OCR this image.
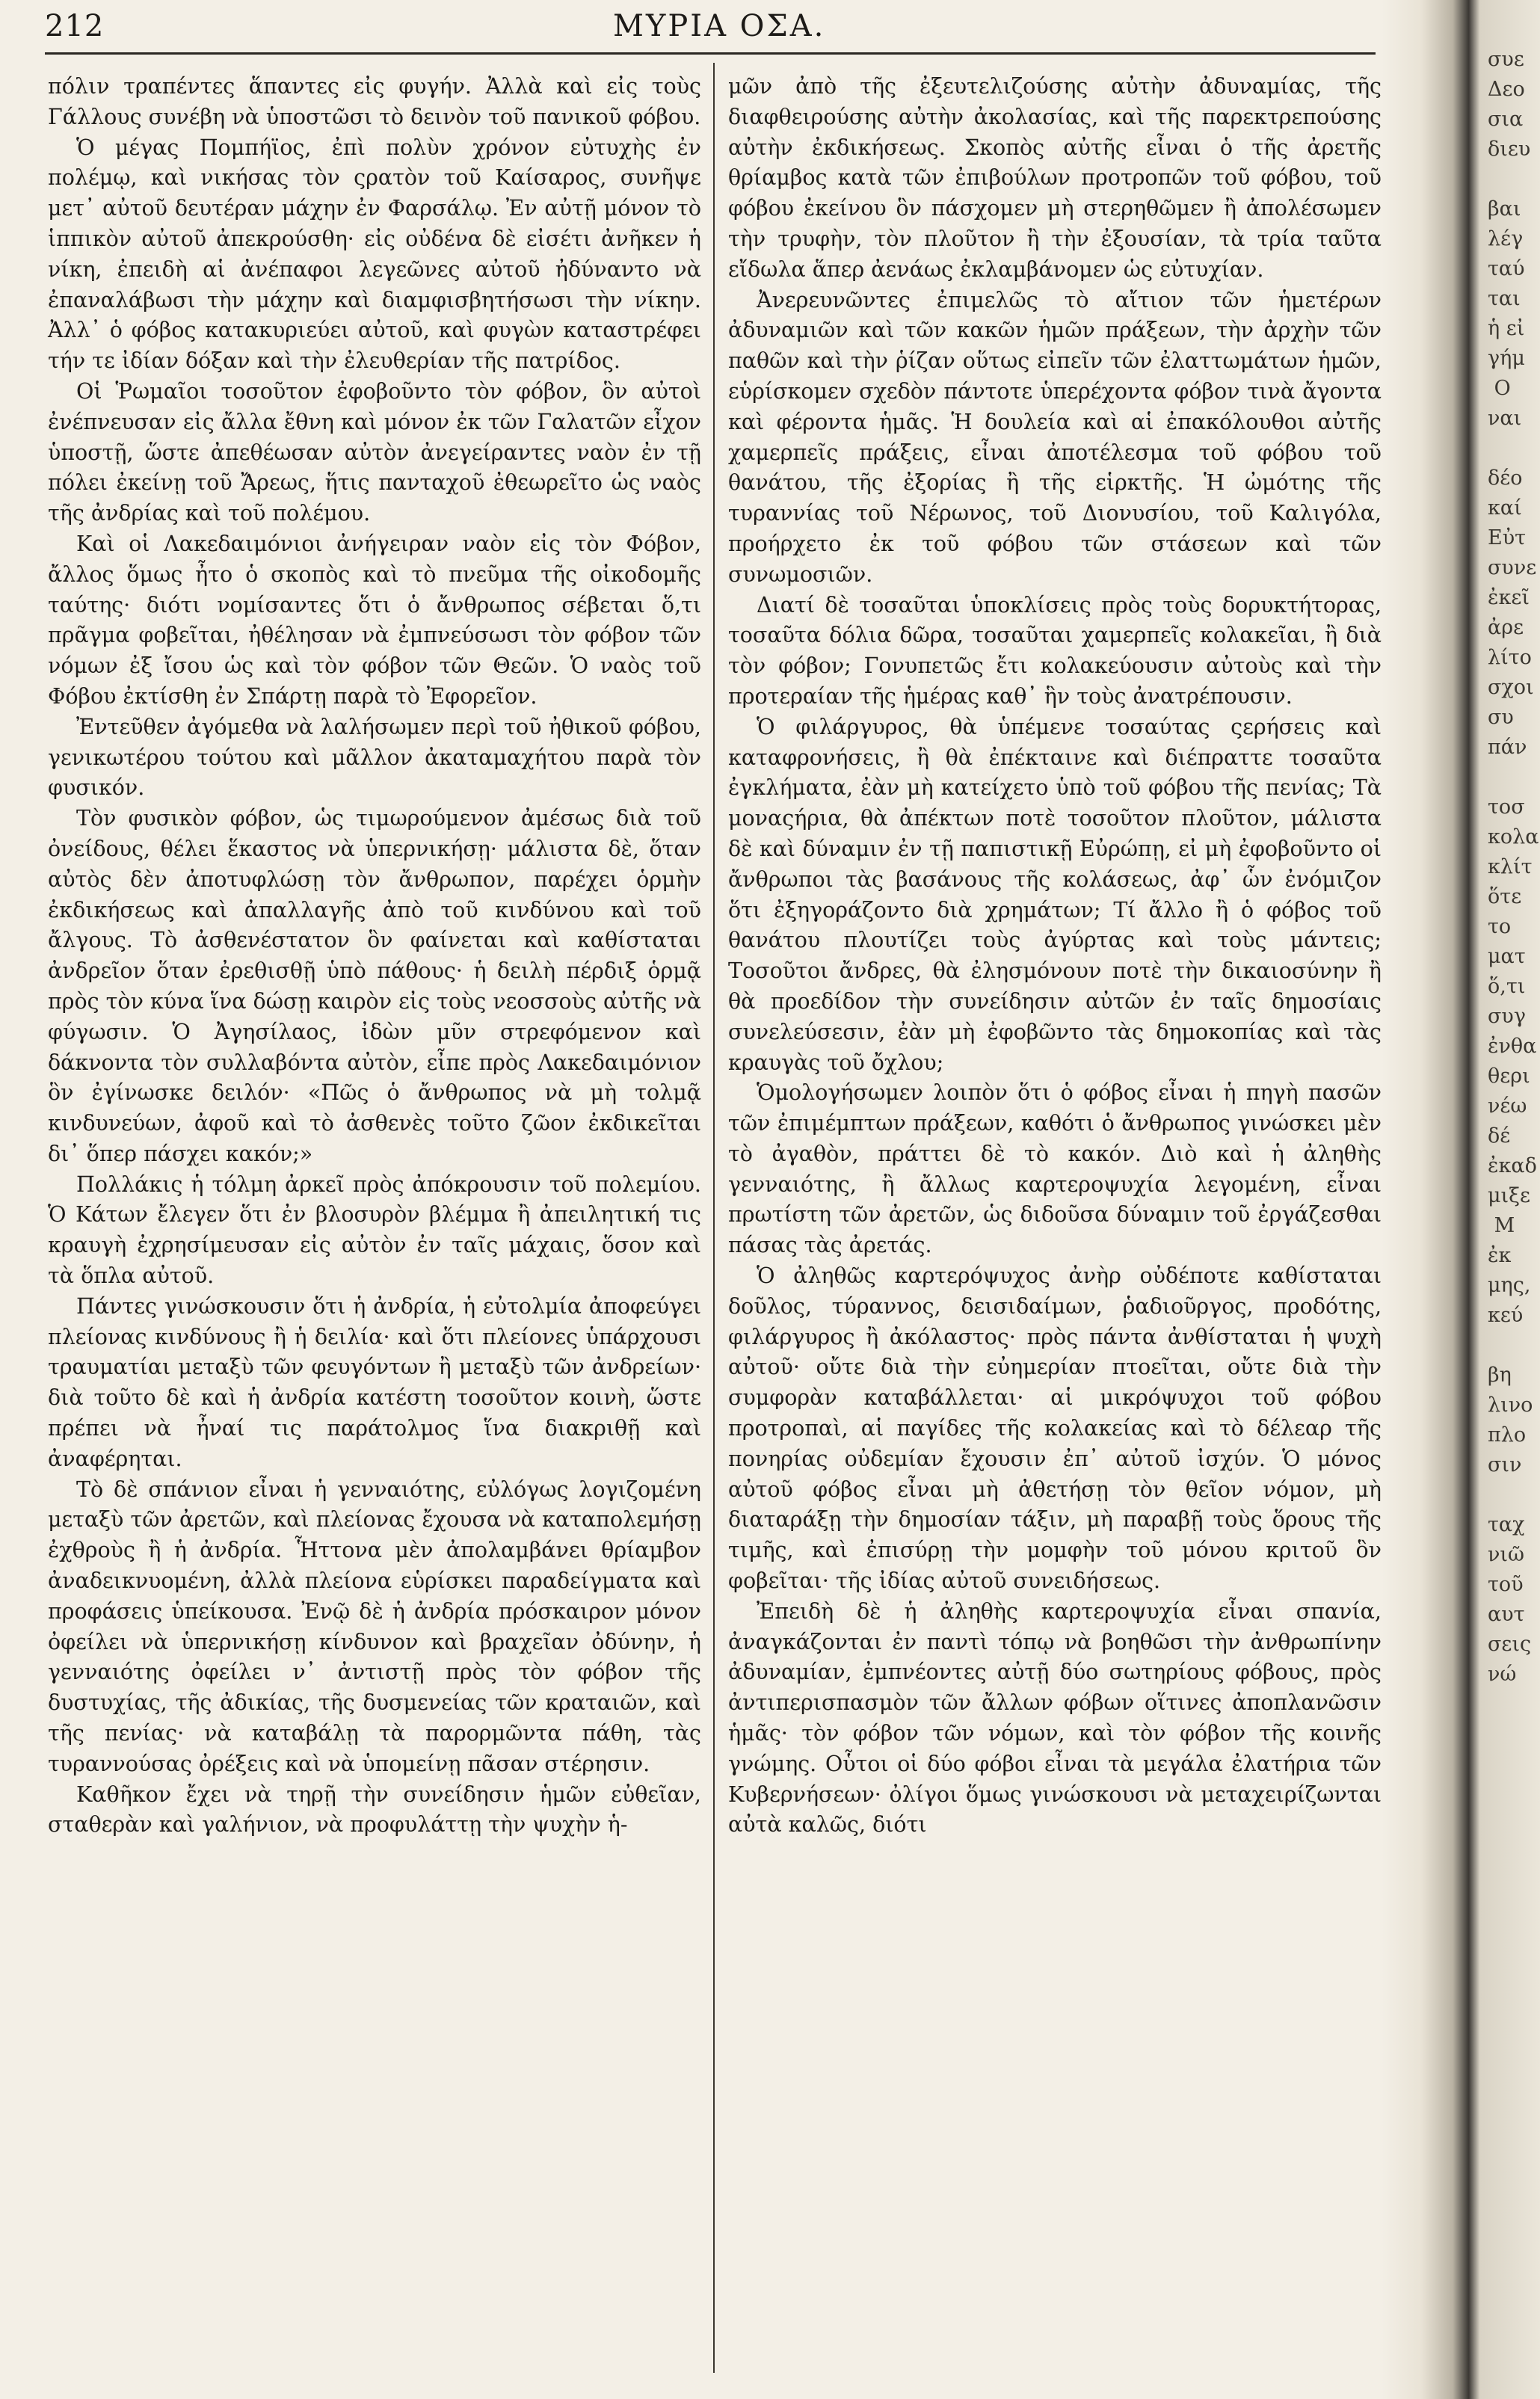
212	ΜΥΡΙΑ ΟΣΑ.

πόλιν τραπέντες ἅπαντες εἰς φυγήν. Ἀλλὰ καὶ εἰς τοὺς Γάλλους συνέβη νὰ ὑποστῶσι τὸ δεινὸν τοῦ πανικοῦ φόβου.

Ὁ μέγας Πομπήϊος, ἐπὶ πολὺν χρόνον εὐτυχὴς ἐν πολέμῳ, καὶ νικήσας τὸν ςρατὸν τοῦ Καίσαρος, συνῆψε μετ᾽ αὐτοῦ δευτέραν μάχην ἐν Φαρσάλῳ. Ἐν αὐτῇ μόνον τὸ ἱππικὸν αὐτοῦ ἀπεκρούσθη· εἰς οὐδένα δὲ εἰσέτι ἀνῆκεν ἡ νίκη, ἐπειδὴ αἱ ἀνέπαφοι λεγεῶνες αὐτοῦ ἠδύναντο νὰ ἐπαναλάβωσι τὴν μάχην καὶ διαμφισβητήσωσι τὴν νίκην. Ἀλλ᾽ ὁ φόβος κατακυριεύει αὐτοῦ, καὶ φυγὼν καταστρέφει τήν τε ἰδίαν δόξαν καὶ τὴν ἐλευθερίαν τῆς πατρίδος.

Οἱ Ῥωμαῖοι τοσοῦτον ἐφοβοῦντο τὸν φόβον, ὃν αὐτοὶ ἐνέπνευσαν εἰς ἄλλα ἔθνη καὶ μόνον ἐκ τῶν Γαλατῶν εἶχον ὑποστῇ, ὥστε ἀπεθέωσαν αὐτὸν ἀνεγείραντες ναὸν ἐν τῇ πόλει ἐκείνῃ τοῦ Ἄρεως, ἥτις πανταχοῦ ἐθεωρεῖτο ὡς ναὸς τῆς ἀνδρίας καὶ τοῦ πολέμου.

Καὶ οἱ Λακεδαιμόνιοι ἀνήγειραν ναὸν εἰς τὸν Φόβον, ἄλλος ὅμως ἦτο ὁ σκοπὸς καὶ τὸ πνεῦμα τῆς οἰκοδομῆς ταύτης· διότι νομίσαντες ὅτι ὁ ἄνθρωπος σέβεται ὅ,τι πρᾶγμα φοβεῖται, ἠθέλησαν νὰ ἐμπνεύσωσι τὸν φόβον τῶν νόμων ἐξ ἴσου ὡς καὶ τὸν φόβον τῶν Θεῶν. Ὁ ναὸς τοῦ Φόβου ἐκτίσθη ἐν Σπάρτῃ παρὰ τὸ Ἐφορεῖον.

Ἐντεῦθεν ἀγόμεθα νὰ λαλήσωμεν περὶ τοῦ ἠθικοῦ φόβου, γενικωτέρου τούτου καὶ μᾶλλον ἀκαταμαχήτου παρὰ τὸν φυσικόν.

Τὸν φυσικὸν φόβον, ὡς τιμωρούμενον ἀμέσως διὰ τοῦ ὀνείδους, θέλει ἕκαστος νὰ ὑπερνικήσῃ· μάλιστα δὲ, ὅταν αὐτὸς δὲν ἀποτυφλώσῃ τὸν ἄνθρωπον, παρέχει ὁρμὴν ἐκδικήσεως καὶ ἀπαλλαγῆς ἀπὸ τοῦ κινδύνου καὶ τοῦ ἄλγους. Τὸ ἀσθενέστατον ὃν φαίνεται καὶ καθίσταται ἀνδρεῖον ὅταν ἐρεθισθῇ ὑπὸ πάθους· ἡ δειλὴ πέρδιξ ὁρμᾷ πρὸς τὸν κύνα ἵνα δώσῃ καιρὸν εἰς τοὺς νεοσσοὺς αὐτῆς νὰ φύγωσιν. Ὁ Ἀγησίλαος, ἰδὼν μῦν στρεφόμενον καὶ δάκνοντα τὸν συλλαβόντα αὐτὸν, εἶπε πρὸς Λακεδαιμόνιον ὃν ἐγίνωσκε δειλόν· «Πῶς ὁ ἄνθρωπος νὰ μὴ τολμᾷ κινδυνεύων, ἀφοῦ καὶ τὸ ἀσθενὲς τοῦτο ζῶον ἐκδικεῖται δι᾽ ὅπερ πάσχει κακόν;»

Πολλάκις ἡ τόλμη ἀρκεῖ πρὸς ἀπόκρουσιν τοῦ πολεμίου. Ὁ Κάτων ἔλεγεν ὅτι ἐν βλοσυρὸν βλέμμα ἢ ἀπειλητική τις κραυγὴ ἐχρησίμευσαν εἰς αὐτὸν ἐν ταῖς μάχαις, ὅσον καὶ τὰ ὅπλα αὐτοῦ.

Πάντες γινώσκουσιν ὅτι ἡ ἀνδρία, ἡ εὐτολμία ἀποφεύγει πλείονας κινδύνους ἢ ἡ δειλία· καὶ ὅτι πλείονες ὑπάρχουσι τραυματίαι μεταξὺ τῶν φευγόντων ἢ μεταξὺ τῶν ἀνδρείων· διὰ τοῦτο δὲ καὶ ἡ ἀνδρία κατέστη τοσοῦτον κοινὴ, ὥστε πρέπει νὰ ἦναί τις παράτολμος ἵνα διακριθῇ καὶ ἀναφέρηται.

Τὸ δὲ σπάνιον εἶναι ἡ γενναιότης, εὐλόγως λογιζομένη μεταξὺ τῶν ἀρετῶν, καὶ πλείονας ἔχουσα νὰ καταπολεμήσῃ ἐχθροὺς ἢ ἡ ἀνδρία. Ἧττονα μὲν ἀπολαμβάνει θρίαμβον ἀναδεικνυομένη, ἀλλὰ πλείονα εὑρίσκει παραδείγματα καὶ προφάσεις ὑπείκουσα. Ἐνῷ δὲ ἡ ἀνδρία πρόσκαιρον μόνον ὀφείλει νὰ ὑπερνικήσῃ κίνδυνον καὶ βραχεῖαν ὀδύνην, ἡ γενναιότης ὀφείλει ν᾽ ἀντιστῇ πρὸς τὸν φόβον τῆς δυστυχίας, τῆς ἀδικίας, τῆς δυσμενείας τῶν κραταιῶν, καὶ τῆς πενίας· νὰ καταβάλῃ τὰ παρορμῶντα πάθη, τὰς τυραννούσας ὀρέξεις καὶ νὰ ὑπομείνῃ πᾶσαν στέρησιν.

Καθῆκον ἔχει νὰ τηρῇ τὴν συνείδησιν ἡμῶν εὐθεῖαν, σταθερὰν καὶ γαλήνιον, νὰ προφυλάττῃ τὴν ψυχὴν ἡ-

μῶν ἀπὸ τῆς ἐξευτελιζούσης αὐτὴν ἀδυναμίας, τῆς διαφθειρούσης αὐτὴν ἀκολασίας, καὶ τῆς παρεκτρεπούσης αὐτὴν ἐκδικήσεως. Σκοπὸς αὐτῆς εἶναι ὁ τῆς ἀρετῆς θρίαμβος κατὰ τῶν ἐπιβούλων προτροπῶν τοῦ φόβου, τοῦ φόβου ἐκείνου ὃν πάσχομεν μὴ στερηθῶμεν ἢ ἀπολέσωμεν τὴν τρυφὴν, τὸν πλοῦτον ἢ τὴν ἐξουσίαν, τὰ τρία ταῦτα εἴδωλα ἅπερ ἀενάως ἐκλαμβάνομεν ὡς εὐτυχίαν.

Ἀνερευνῶντες ἐπιμελῶς τὸ αἴτιον τῶν ἡμετέρων ἀδυναμιῶν καὶ τῶν κακῶν ἡμῶν πράξεων, τὴν ἀρχὴν τῶν παθῶν καὶ τὴν ῥίζαν οὕτως εἰπεῖν τῶν ἐλαττωμάτων ἡμῶν, εὑρίσκομεν σχεδὸν πάντοτε ὑπερέχοντα φόβον τινὰ ἄγοντα καὶ φέροντα ἡμᾶς. Ἡ δουλεία καὶ αἱ ἐπακόλουθοι αὐτῆς χαμερπεῖς πράξεις, εἶναι ἀποτέλεσμα τοῦ φόβου τοῦ θανάτου, τῆς ἐξορίας ἢ τῆς εἱρκτῆς. Ἡ ὠμότης τῆς τυραννίας τοῦ Νέρωνος, τοῦ Διονυσίου, τοῦ Καλιγόλα, προήρχετο ἐκ τοῦ φόβου τῶν στάσεων καὶ τῶν συνωμοσιῶν.

Διατί δὲ τοσαῦται ὑποκλίσεις πρὸς τοὺς δορυκτήτορας, τοσαῦτα δόλια δῶρα, τοσαῦται χαμερπεῖς κολακεῖαι, ἢ διὰ τὸν φόβον; Γονυπετῶς ἔτι κολακεύουσιν αὐτοὺς καὶ τὴν προτεραίαν τῆς ἡμέρας καθ᾽ ἣν τοὺς ἀνατρέπουσιν.

Ὁ φιλάργυρος, θὰ ὑπέμενε τοσαύτας ςερήσεις καὶ καταφρονήσεις, ἢ θὰ ἐπέκταινε καὶ διέπραττε τοσαῦτα ἐγκλήματα, ἐὰν μὴ κατείχετο ὑπὸ τοῦ φόβου τῆς πενίας; Τὰ μοναςήρια, θὰ ἀπέκτων ποτὲ τοσοῦτον πλοῦτον, μάλιστα δὲ καὶ δύναμιν ἐν τῇ παπιστικῇ Εὐρώπῃ, εἰ μὴ ἐφοβοῦντο οἱ ἄνθρωποι τὰς βασάνους τῆς κολάσεως, ἀφ᾽ ὧν ἐνόμιζον ὅτι ἐξηγοράζοντο διὰ χρημάτων; Τί ἄλλο ἢ ὁ φόβος τοῦ θανάτου πλουτίζει τοὺς ἀγύρτας καὶ τοὺς μάντεις; Τοσοῦτοι ἄνδρες, θὰ ἐλησμόνουν ποτὲ τὴν δικαιοσύνην ἢ θὰ προεδίδον τὴν συνείδησιν αὐτῶν ἐν ταῖς δημοσίαις συνελεύσεσιν, ἐὰν μὴ ἐφοβῶντο τὰς δημοκοπίας καὶ τὰς κραυγὰς τοῦ ὄχλου;

Ὁμολογήσωμεν λοιπὸν ὅτι ὁ φόβος εἶναι ἡ πηγὴ πασῶν τῶν ἐπιμέμπτων πράξεων, καθότι ὁ ἄνθρωπος γινώσκει μὲν τὸ ἀγαθὸν, πράττει δὲ τὸ κακόν. Διὸ καὶ ἡ ἀληθὴς γενναιότης, ἢ ἄλλως καρτεροψυχία λεγομένη, εἶναι πρωτίστη τῶν ἀρετῶν, ὡς διδοῦσα δύναμιν τοῦ ἐργάζεσθαι πάσας τὰς ἀρετάς.

Ὁ ἀληθῶς καρτερόψυχος ἀνὴρ οὐδέποτε καθίσταται δοῦλος, τύραννος, δεισιδαίμων, ῥαδιοῦργος, προδότης, φιλάργυρος ἢ ἀκόλαστος· πρὸς πάντα ἀνθίσταται ἡ ψυχὴ αὐτοῦ· οὔτε διὰ τὴν εὐημερίαν πτοεῖται, οὔτε διὰ τὴν συμφορὰν καταβάλλεται· αἱ μικρόψυχοι τοῦ φόβου προτροπαὶ, αἱ παγίδες τῆς κολακείας καὶ τὸ δέλεαρ τῆς πονηρίας οὐδεμίαν ἔχουσιν ἐπ᾽ αὐτοῦ ἰσχύν. Ὁ μόνος αὐτοῦ φόβος εἶναι μὴ ἀθετήσῃ τὸν θεῖον νόμον, μὴ διαταράξῃ τὴν δημοσίαν τάξιν, μὴ παραβῇ τοὺς ὅρους τῆς τιμῆς, καὶ ἐπισύρῃ τὴν μομφὴν τοῦ μόνου κριτοῦ ὃν φοβεῖται· τῆς ἰδίας αὐτοῦ συνειδήσεως.

Ἐπειδὴ δὲ ἡ ἀληθὴς καρτεροψυχία εἶναι σπανία, ἀναγκάζονται ἐν παντὶ τόπῳ νὰ βοηθῶσι τὴν ἀνθρωπίνην ἀδυναμίαν, ἐμπνέοντες αὐτῇ δύο σωτηρίους φόβους, πρὸς ἀντιπερισπασμὸν τῶν ἄλλων φόβων οἵτινες ἀποπλανῶσιν ἡμᾶς· τὸν φόβον τῶν νόμων, καὶ τὸν φόβον τῆς κοινῆς γνώμης. Οὗτοι οἱ δύο φόβοι εἶναι τὰ μεγάλα ἐλατήρια τῶν Κυβερνήσεων· ὀλίγοι ὅμως γινώσκουσι νὰ μεταχειρίζωνται αὐτὰ καλῶς, διότι

συε
Δεο
σια
διευ

βαι
λέγ
ταύ
ται
ἡ εἰ
γήμ
Ο
ναι

δέο
καί
Εὐτ
συνε
ἐκεῖ
ἀρε
λίτο
σχοι
συ
πάν

τοσ
κολα
κλίτ
ὅτε
το
ματ
ὅ,τι
συγ
ἐνθα
θερι
νέω
δέ
ἐκαδ
μιξε
Μ
ἐκ
μης,
κεύ

βη
λινο
πλο
σιν

ταχ
νιῶ
τοῦ
αυτ
σεις
νώ
